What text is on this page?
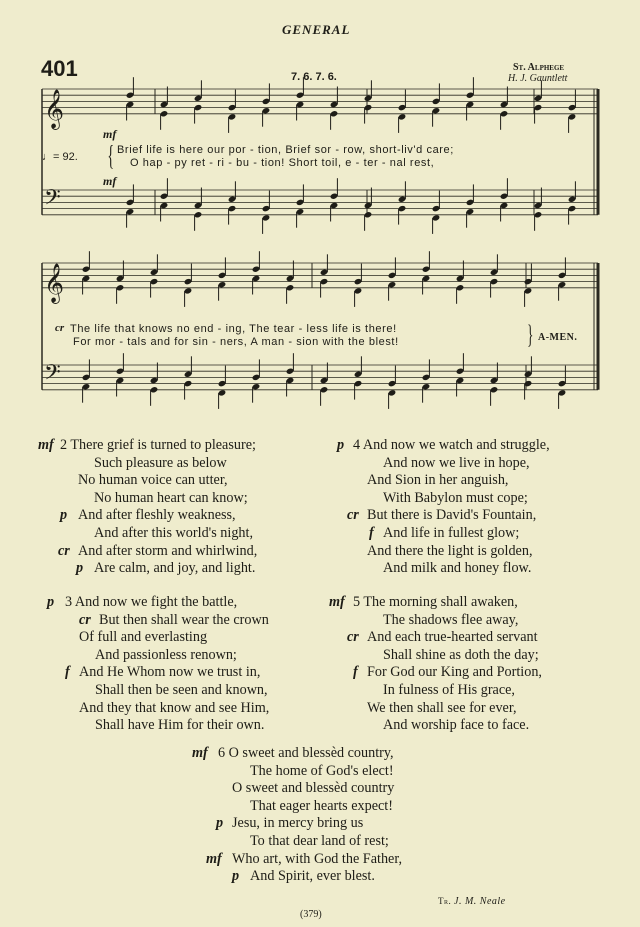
GENERAL
401	7. 6. 7. 6.
St. Alphege
H. J. Gauntlett
♩= 92.
𝄞
𝄢
𝄞
𝄢
{
}
mf
mf
Brief life is here our por - tion, Brief sor - row, short-liv'd care;
O hap - py ret - ri - bu - tion! Short toil, e - ter - nal rest,
cr The life that knows no end - ing, The tear - less life is there!
For mor - tals and for sin - ners, A man - sion with the blest!	A-MEN.
mf 2 There grief is turned to pleasure;
Such pleasure as below
No human voice can utter,
No human heart can know;
p And after fleshly weakness,
And after this world's night,
cr And after storm and whirlwind,
p Are calm, and joy, and light.
p 3 And now we fight the battle,
cr But then shall wear the crown
Of full and everlasting
And passionless renown;
f And He Whom now we trust in,
Shall then be seen and known,
And they that know and see Him,
Shall have Him for their own.
p 4 And now we watch and struggle,
And now we live in hope,
And Sion in her anguish,
With Babylon must cope;
cr But there is David's Fountain,
f And life in fullest glow;
And there the light is golden,
And milk and honey flow.
mf 5 The morning shall awaken,
The shadows flee away,
cr And each true-hearted servant
Shall shine as doth the day;
f For God our King and Portion,
In fulness of His grace,
We then shall see for ever,
And worship face to face.
mf 6 O sweet and blessèd country,
The home of God's elect!
O sweet and blessèd country
That eager hearts expect!
p Jesu, in mercy bring us
To that dear land of rest;
mf Who art, with God the Father,
p And Spirit, ever blest.
Tr. J. M. Neale
(379)
